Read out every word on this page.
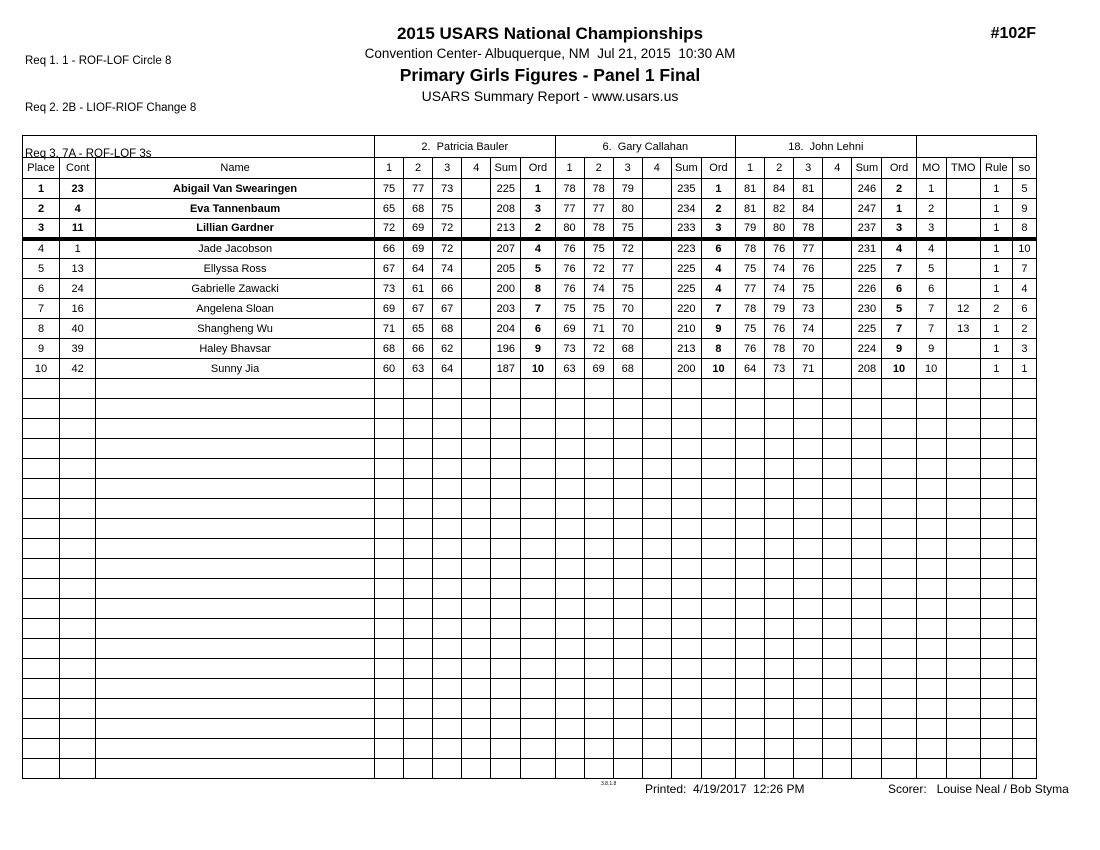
Req 1. 1 - ROF-LOF Circle 8

Req 2. 2B - LIOF-RIOF Change 8

Req 3. 7A - ROF-LOF 3s

2015 USARS National Championships
Convention Center- Albuquerque, NM  Jul 21, 2015  10:30 AM
Primary Girls Figures - Panel 1 Final
USARS Summary Report - www.usars.us
#102F
			2.  Patricia Bauler						6.  Gary Callahan						18.  John Lehni									
Place	Cont	Name	1	2	3	4	Sum	Ord	1	2	3	4	Sum	Ord	1	2	3	4	Sum	Ord	MO	TMO	Rule	so
1	23	Abigail Van Swearingen	75	77	73		225	1	78	78	79		235	1	81	84	81		246	2	1		1	5
2	4	Eva Tannenbaum	65	68	75		208	3	77	77	80		234	2	81	82	84		247	1	2		1	9
3	11	Lillian Gardner	72	69	72		213	2	80	78	75		233	3	79	80	78		237	3	3		1	8
4	1	Jade Jacobson	66	69	72		207	4	76	75	72		223	6	78	76	77		231	4	4		1	10
5	13	Ellyssa Ross	67	64	74		205	5	76	72	77		225	4	75	74	76		225	7	5		1	7
6	24	Gabrielle Zawacki	73	61	66		200	8	76	74	75		225	4	77	74	75		226	6	6		1	4
7	16	Angelena Sloan	69	67	67		203	7	75	75	70		220	7	78	79	73		230	5	7	12	2	6
8	40	Shangheng Wu	71	65	68		204	6	69	71	70		210	9	75	76	74		225	7	7	13	1	2
9	39	Haley Bhavsar	68	66	62		196	9	73	72	68		213	8	76	78	70		224	9	9		1	3
10	42	Sunny Jia	60	63	64		187	10	63	69	68		200	10	64	73	71		208	10	10		1	1

3.8.1.8 Printed:  4/19/2017  12:26 PM	Scorer:   Louise Neal / Bob Styma
